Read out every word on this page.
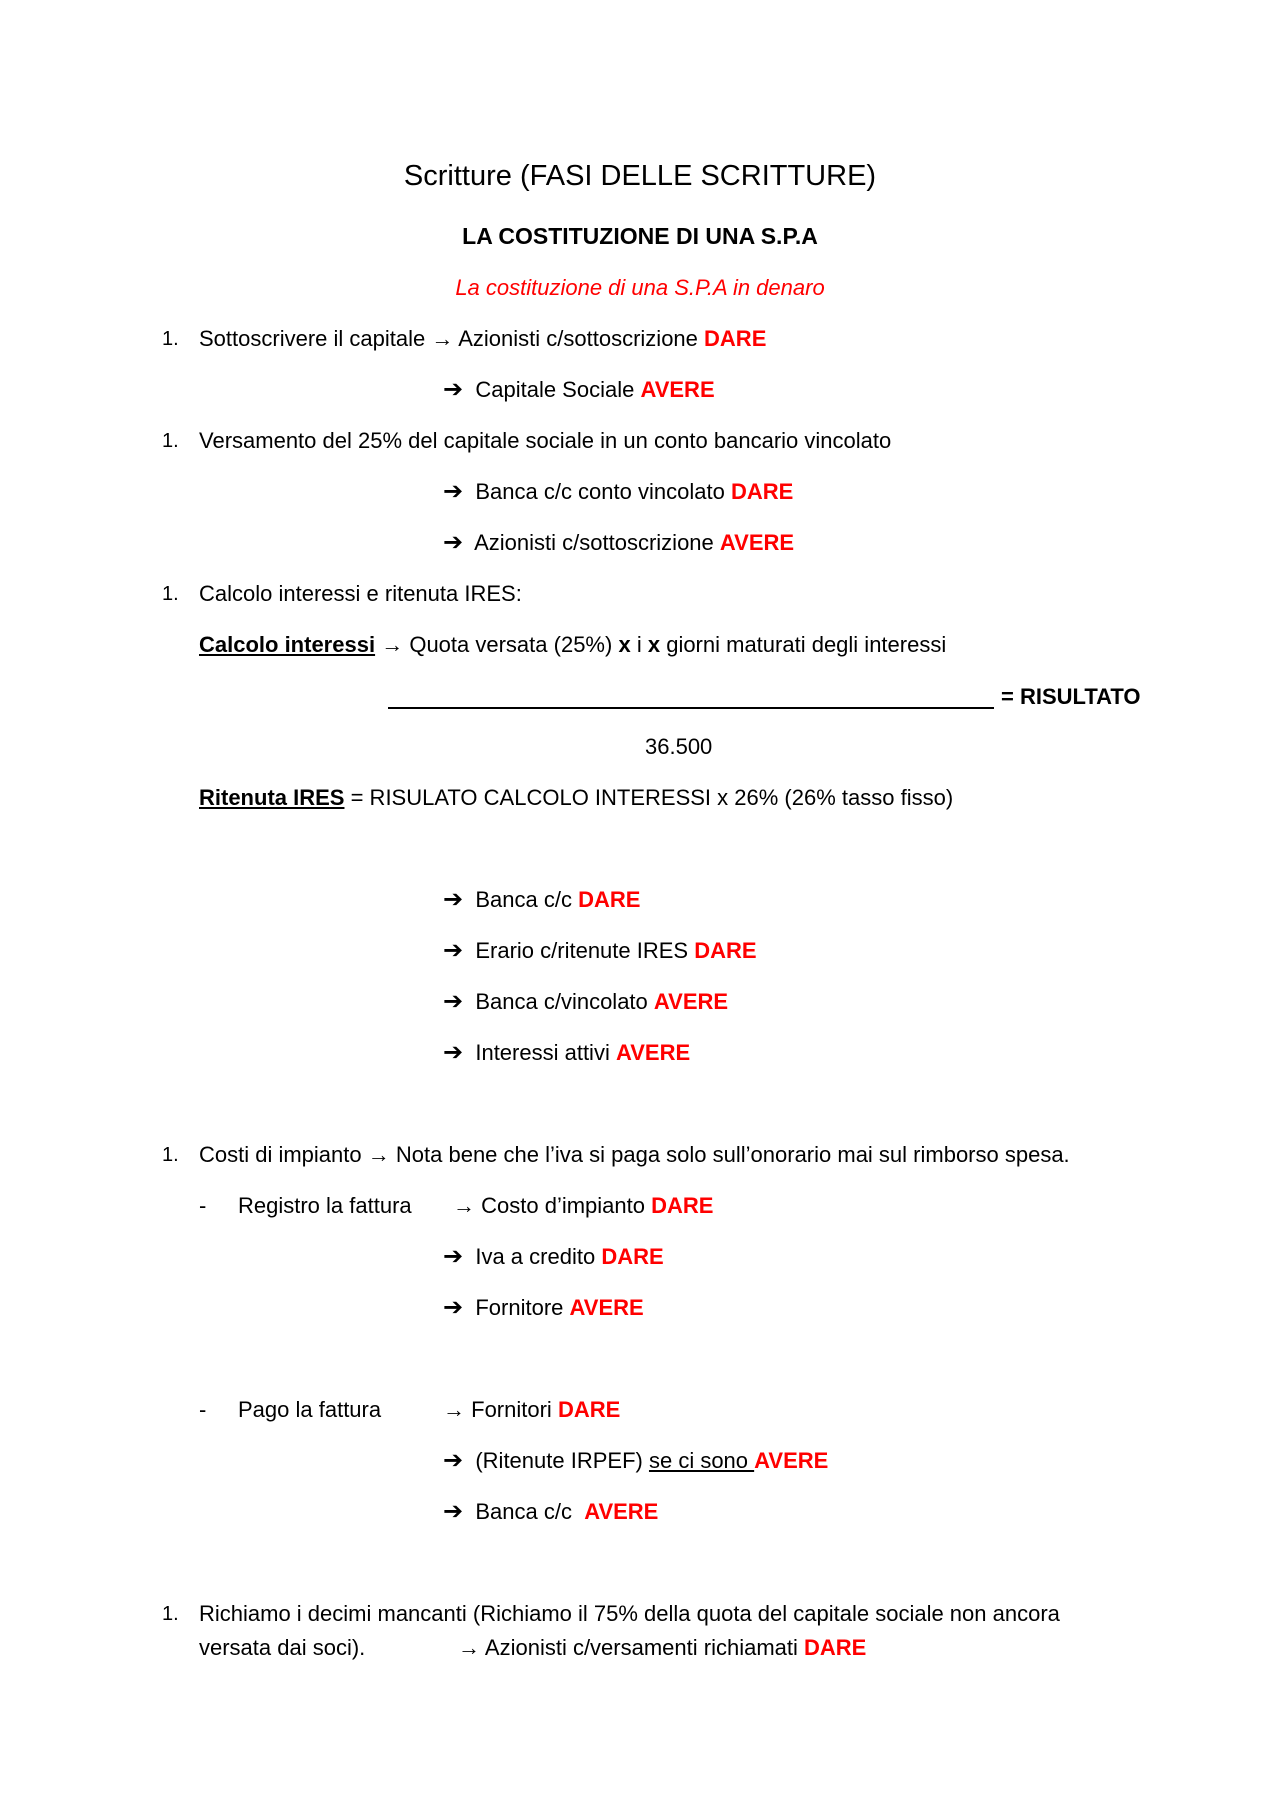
Scritture (FASI DELLE SCRITTURE)
LA COSTITUZIONE DI UNA S.P.A
La costituzione di una S.P.A in denaro
1. Sottoscrivere il capitale → Azionisti c/sottoscrizione DARE
➔ Capitale Sociale AVERE
1. Versamento del 25% del capitale sociale in un conto bancario vincolato
➔ Banca c/c conto vincolato DARE
➔ Azionisti c/sottoscrizione AVERE
1. Calcolo interessi e ritenuta IRES:
Calcolo interessi → Quota versata (25%) x i x giorni maturati degli interessi
= RISULTATO
36.500
Ritenuta IRES = RISULATO CALCOLO INTERESSI x 26% (26% tasso fisso)
➔ Banca c/c DARE
➔ Erario c/ritenute IRES DARE
➔ Banca c/vincolato AVERE
➔ Interessi attivi AVERE
1. Costi di impianto → Nota bene che l’iva si paga solo sull’onorario mai sul rimborso spesa.
- Registro la fattura → Costo d’impianto DARE
➔ Iva a credito DARE
➔ Fornitore AVERE
- Pago la fattura	→ Fornitori DARE
➔ (Ritenute IRPEF) se ci sono AVERE
➔ Banca c/c AVERE
1. Richiamo i decimi mancanti (Richiamo il 75% della quota del capitale sociale non ancora
versata dai soci).	→ Azionisti c/versamenti richiamati DARE
